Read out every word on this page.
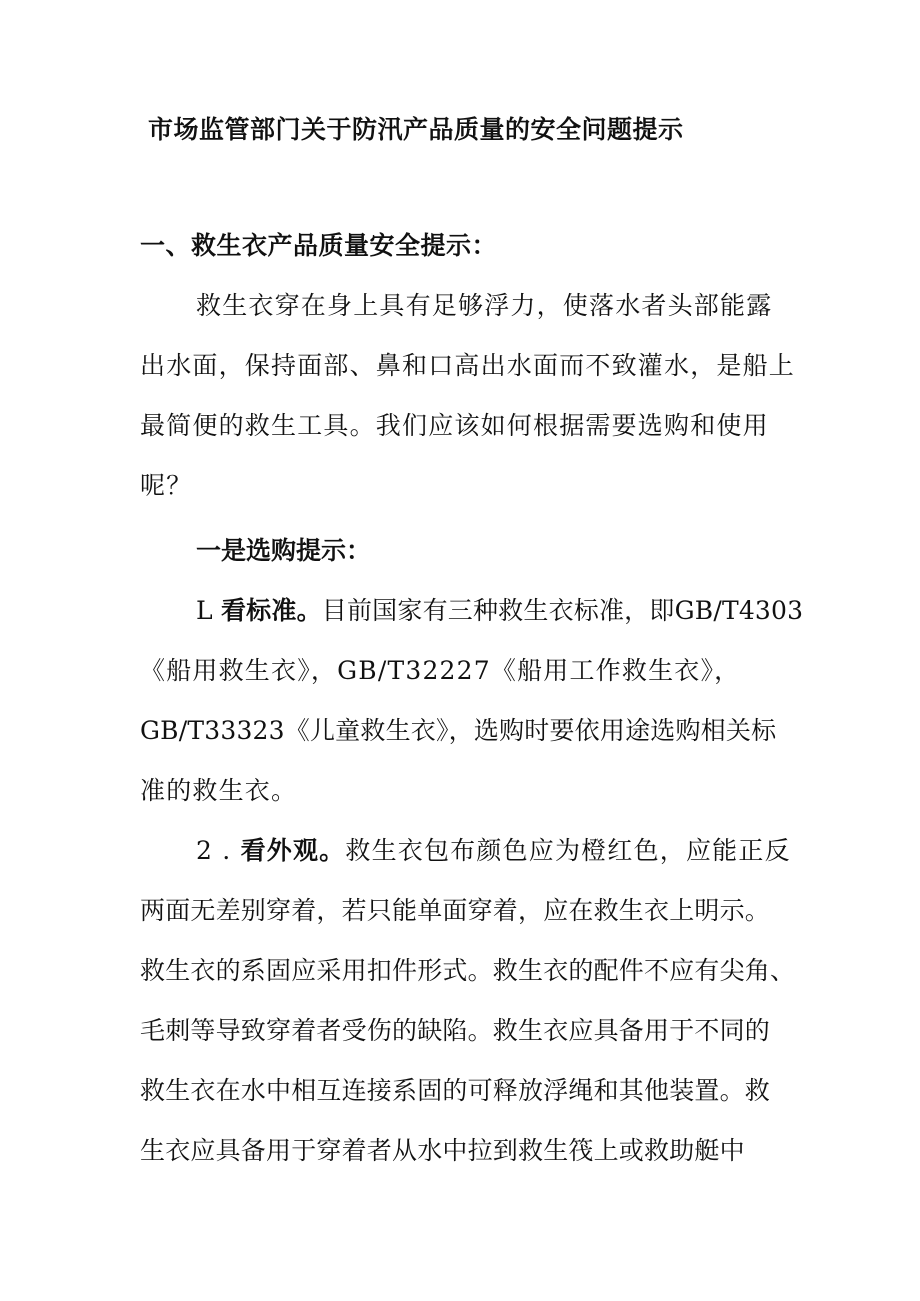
市场监管部门关于防汛产品质量的安全问题提示
一、救生衣产品质量安全提示：
救生衣穿在身上具有足够浮力，使落水者头部能露
出水面，保持面部、鼻和口高出水面而不致灌水，是船上
最简便的救生工具。我们应该如何根据需要选购和使用
呢？
一是选购提示：
L 看标准。目前国家有三种救生衣标准，即GB/T4303
《船用救生衣》，GB/T32227《船用工作救生衣》，
GB/T33323《儿童救生衣》，选购时要依用途选购相关标
准的救生衣。
2 . 看外观。救生衣包布颜色应为橙红色，应能正反
两面无差别穿着，若只能单面穿着，应在救生衣上明示。
救生衣的系固应采用扣件形式。救生衣的配件不应有尖角、
毛刺等导致穿着者受伤的缺陷。救生衣应具备用于不同的
救生衣在水中相互连接系固的可释放浮绳和其他装置。救
生衣应具备用于穿着者从水中拉到救生筏上或救助艇中
